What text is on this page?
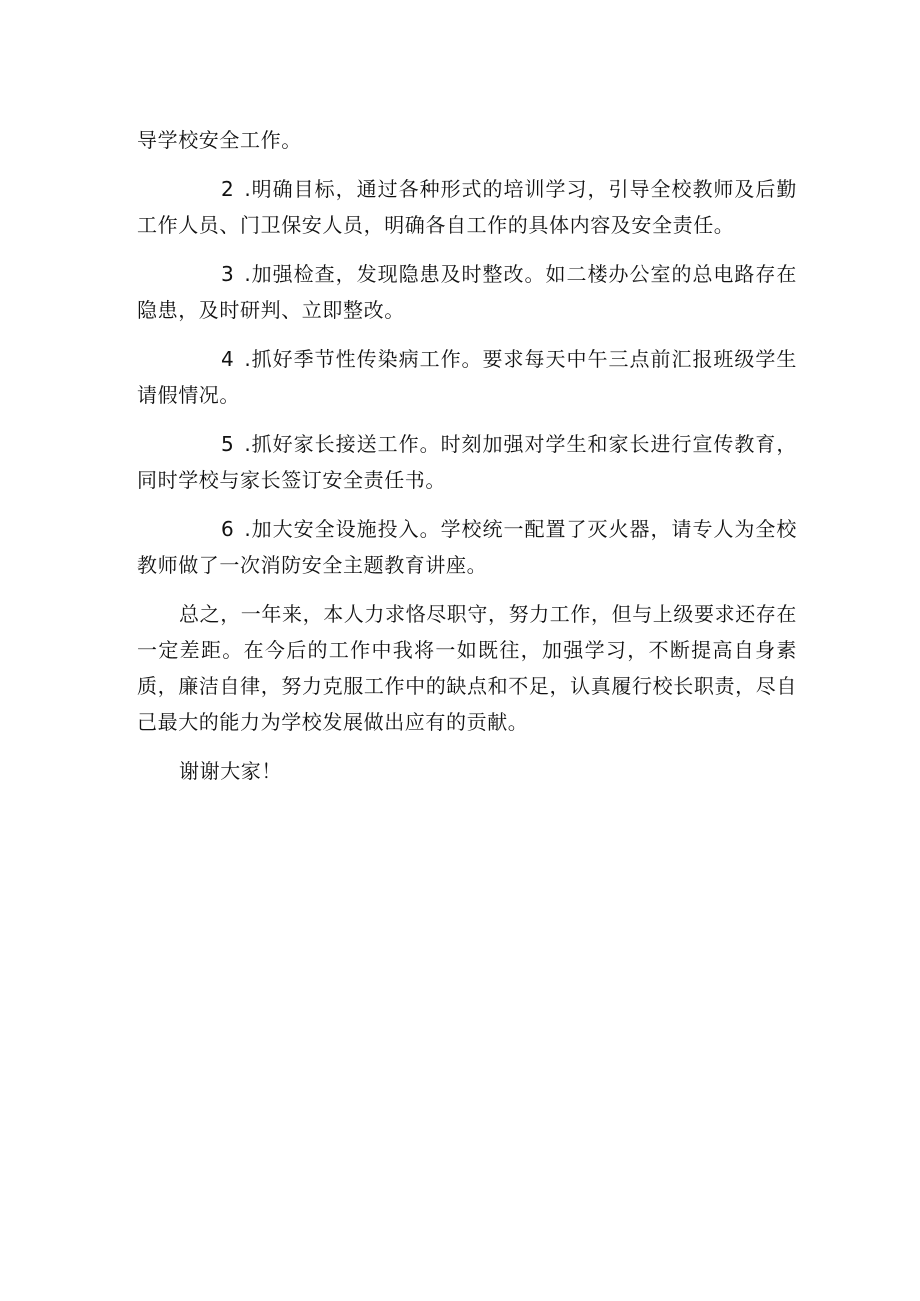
导学校安全工作。

2 .明确目标，通过各种形式的培训学习，引导全校教师及后勤工作人员、门卫保安人员，明确各自工作的具体内容及安全责任。

3 .加强检查，发现隐患及时整改。如二楼办公室的总电路存在隐患，及时研判、立即整改。

4 .抓好季节性传染病工作。要求每天中午三点前汇报班级学生请假情况。

5 .抓好家长接送工作。时刻加强对学生和家长进行宣传教育，同时学校与家长签订安全责任书。

6 .加大安全设施投入。学校统一配置了灭火器，请专人为全校教师做了一次消防安全主题教育讲座。

总之，一年来，本人力求恪尽职守，努力工作，但与上级要求还存在一定差距。在今后的工作中我将一如既往，加强学习，不断提高自身素质，廉洁自律，努力克服工作中的缺点和不足，认真履行校长职责，尽自己最大的能力为学校发展做出应有的贡献。

谢谢大家！
